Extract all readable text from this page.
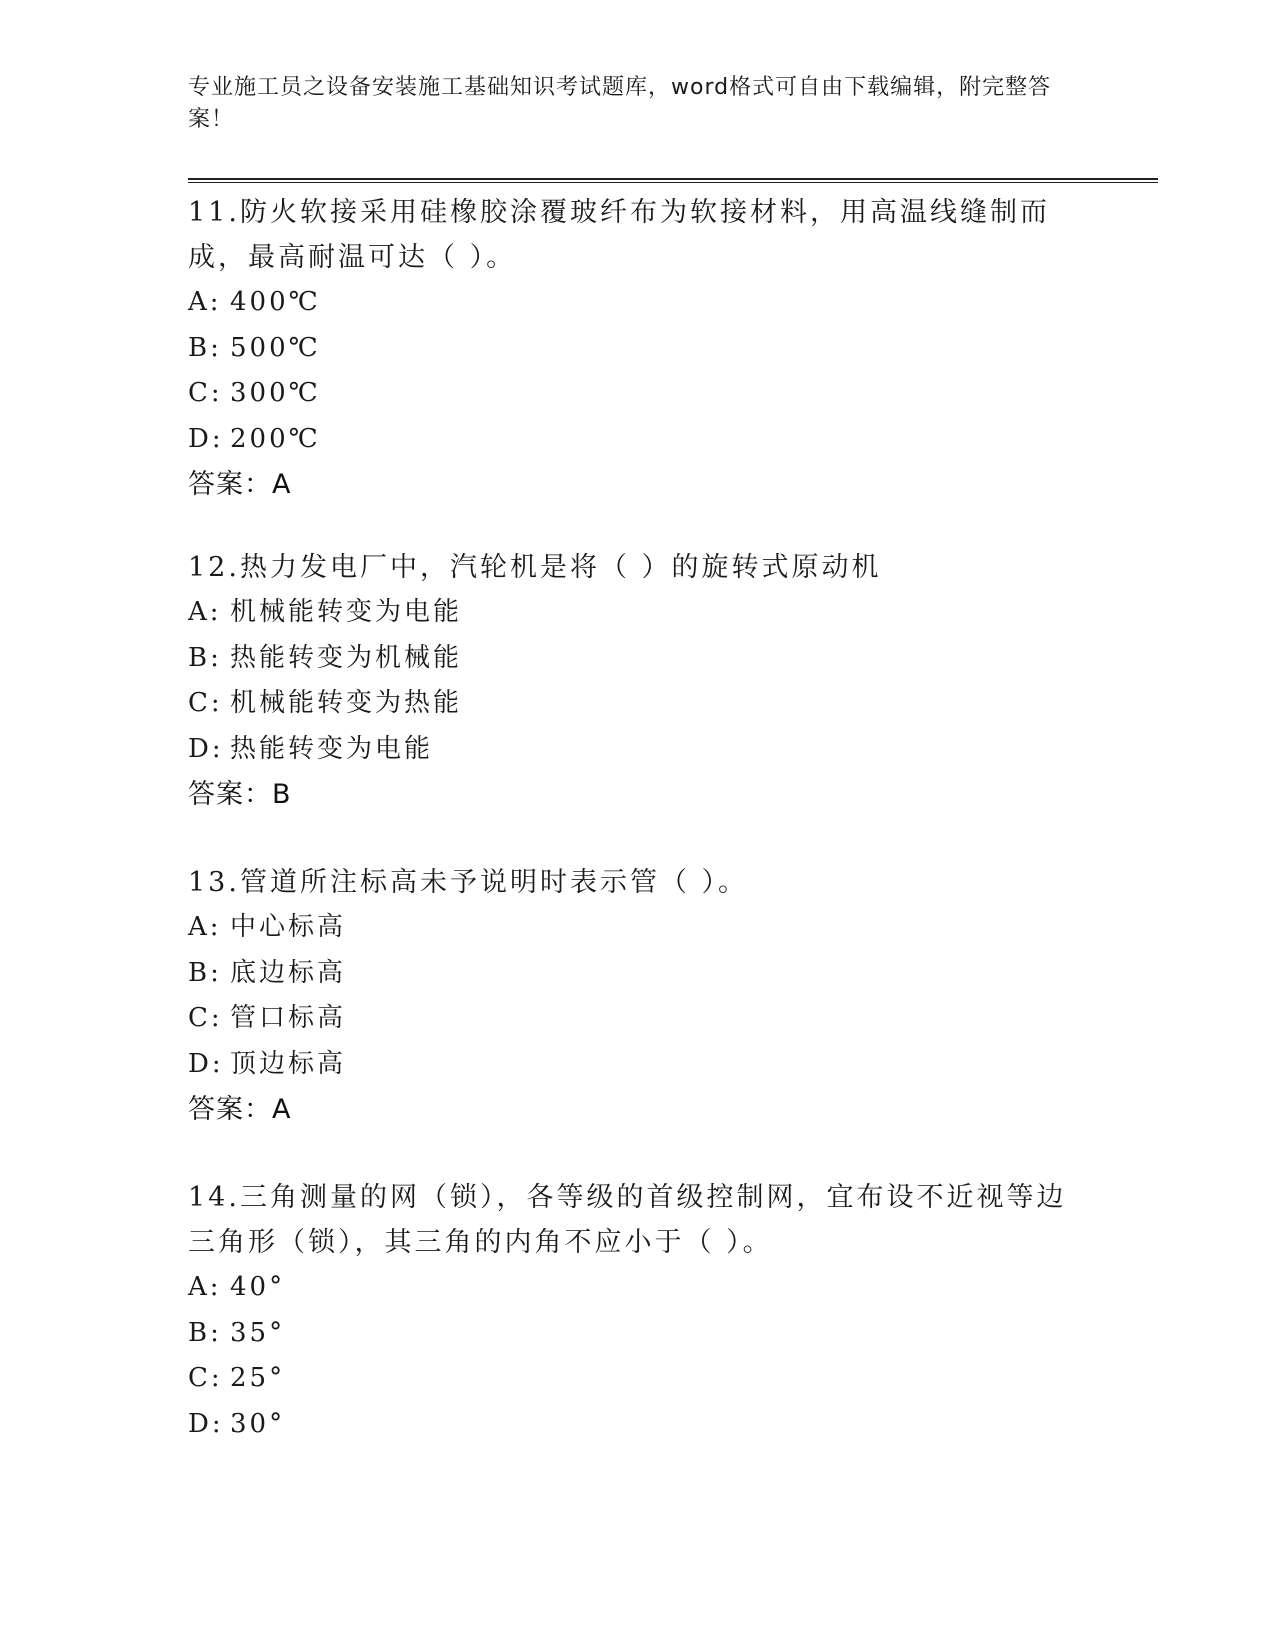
专业施工员之设备安装施工基础知识考试题库，word格式可自由下载编辑，附完整答案！

11.防火软接采用硅橡胶涂覆玻纤布为软接材料，用高温线缝制而成，最高耐温可达（ ）。

A: 400℃
B: 500℃
C: 300℃
D: 200℃
答案：A

12.热力发电厂中，汽轮机是将（ ）的旋转式原动机

A: 机械能转变为电能
B: 热能转变为机械能
C: 机械能转变为热能
D: 热能转变为电能
答案：B

13.管道所注标高未予说明时表示管（ ）。

A: 中心标高
B: 底边标高
C: 管口标高
D: 顶边标高
答案：A

14.三角测量的网（锁），各等级的首级控制网，宜布设不近视等边三角形（锁），其三角的内角不应小于（ ）。

A: 40°
B: 35°
C: 25°
D: 30°
